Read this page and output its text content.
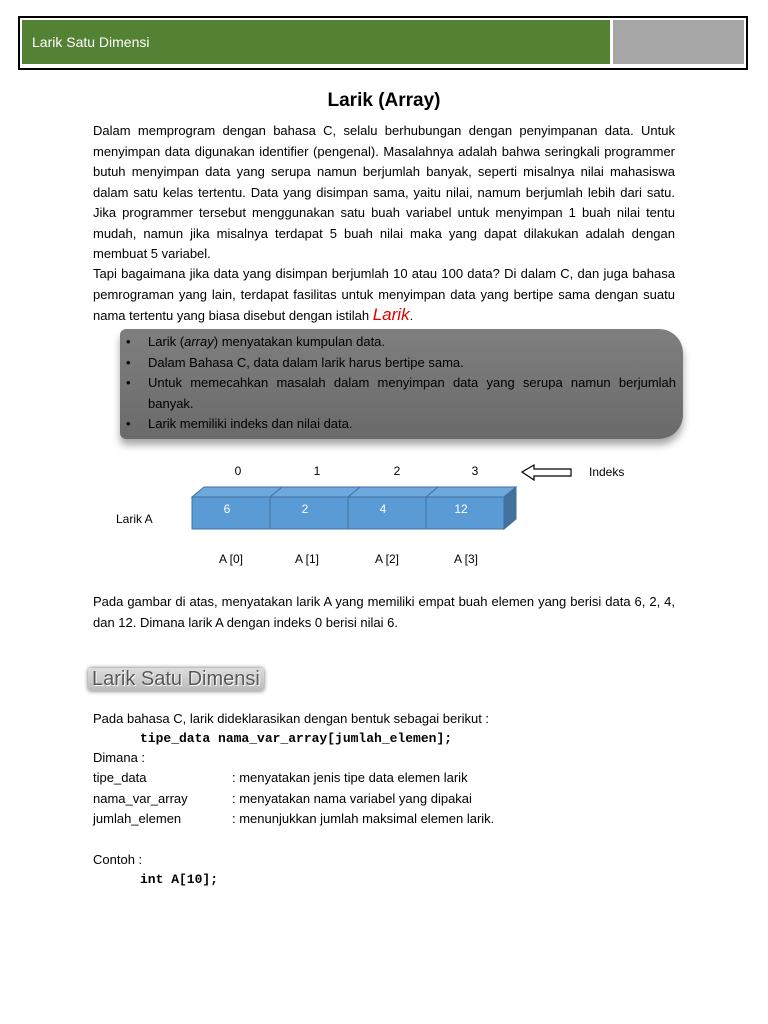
Larik Satu Dimensi
Larik (Array)

Dalam memprogram dengan bahasa C, selalu berhubungan dengan penyimpanan data. Untuk menyimpan data digunakan identifier (pengenal). Masalahnya adalah bahwa seringkali programmer butuh menyimpan data yang serupa namun berjumlah banyak, seperti misalnya nilai mahasiswa dalam satu kelas tertentu. Data yang disimpan sama, yaitu nilai, namum berjumlah lebih dari satu. Jika programmer tersebut menggunakan satu buah variabel untuk menyimpan 1 buah nilai tentu mudah, namun jika misalnya terdapat 5 buah nilai maka yang dapat dilakukan adalah dengan membuat 5 variabel.

Tapi bagaimana jika data yang disimpan berjumlah 10 atau 100 data? Di dalam C, dan juga bahasa pemrograman yang lain, terdapat fasilitas untuk menyimpan data yang bertipe sama dengan suatu nama tertentu yang biasa disebut dengan istilah Larik.

• Larik (array) menyatakan kumpulan data.
• Dalam Bahasa C, data dalam larik harus bertipe sama.
• Untuk memecahkan masalah dalam menyimpan data yang serupa namun berjumlah banyak.
• Larik memiliki indeks dan nilai data.
0	1	2	3
6	2	4	12
A [0]	A [1]	A [2]	A [3]
Indeks
Larik A

Pada gambar di atas, menyatakan larik A yang memiliki empat buah elemen yang berisi data 6, 2, 4, dan 12. Dimana larik A dengan indeks 0 berisi nilai 6.

Larik Satu Dimensi
Pada bahasa C, larik dideklarasikan dengan bentuk sebagai berikut :
tipe_data nama_var_array[jumlah_elemen];
Dimana :
tipe_data	: menyatakan jenis tipe data elemen larik
nama_var_array	: menyatakan nama variabel yang dipakai
jumlah_elemen	: menunjukkan jumlah maksimal elemen larik.
Contoh :
int A[10];
